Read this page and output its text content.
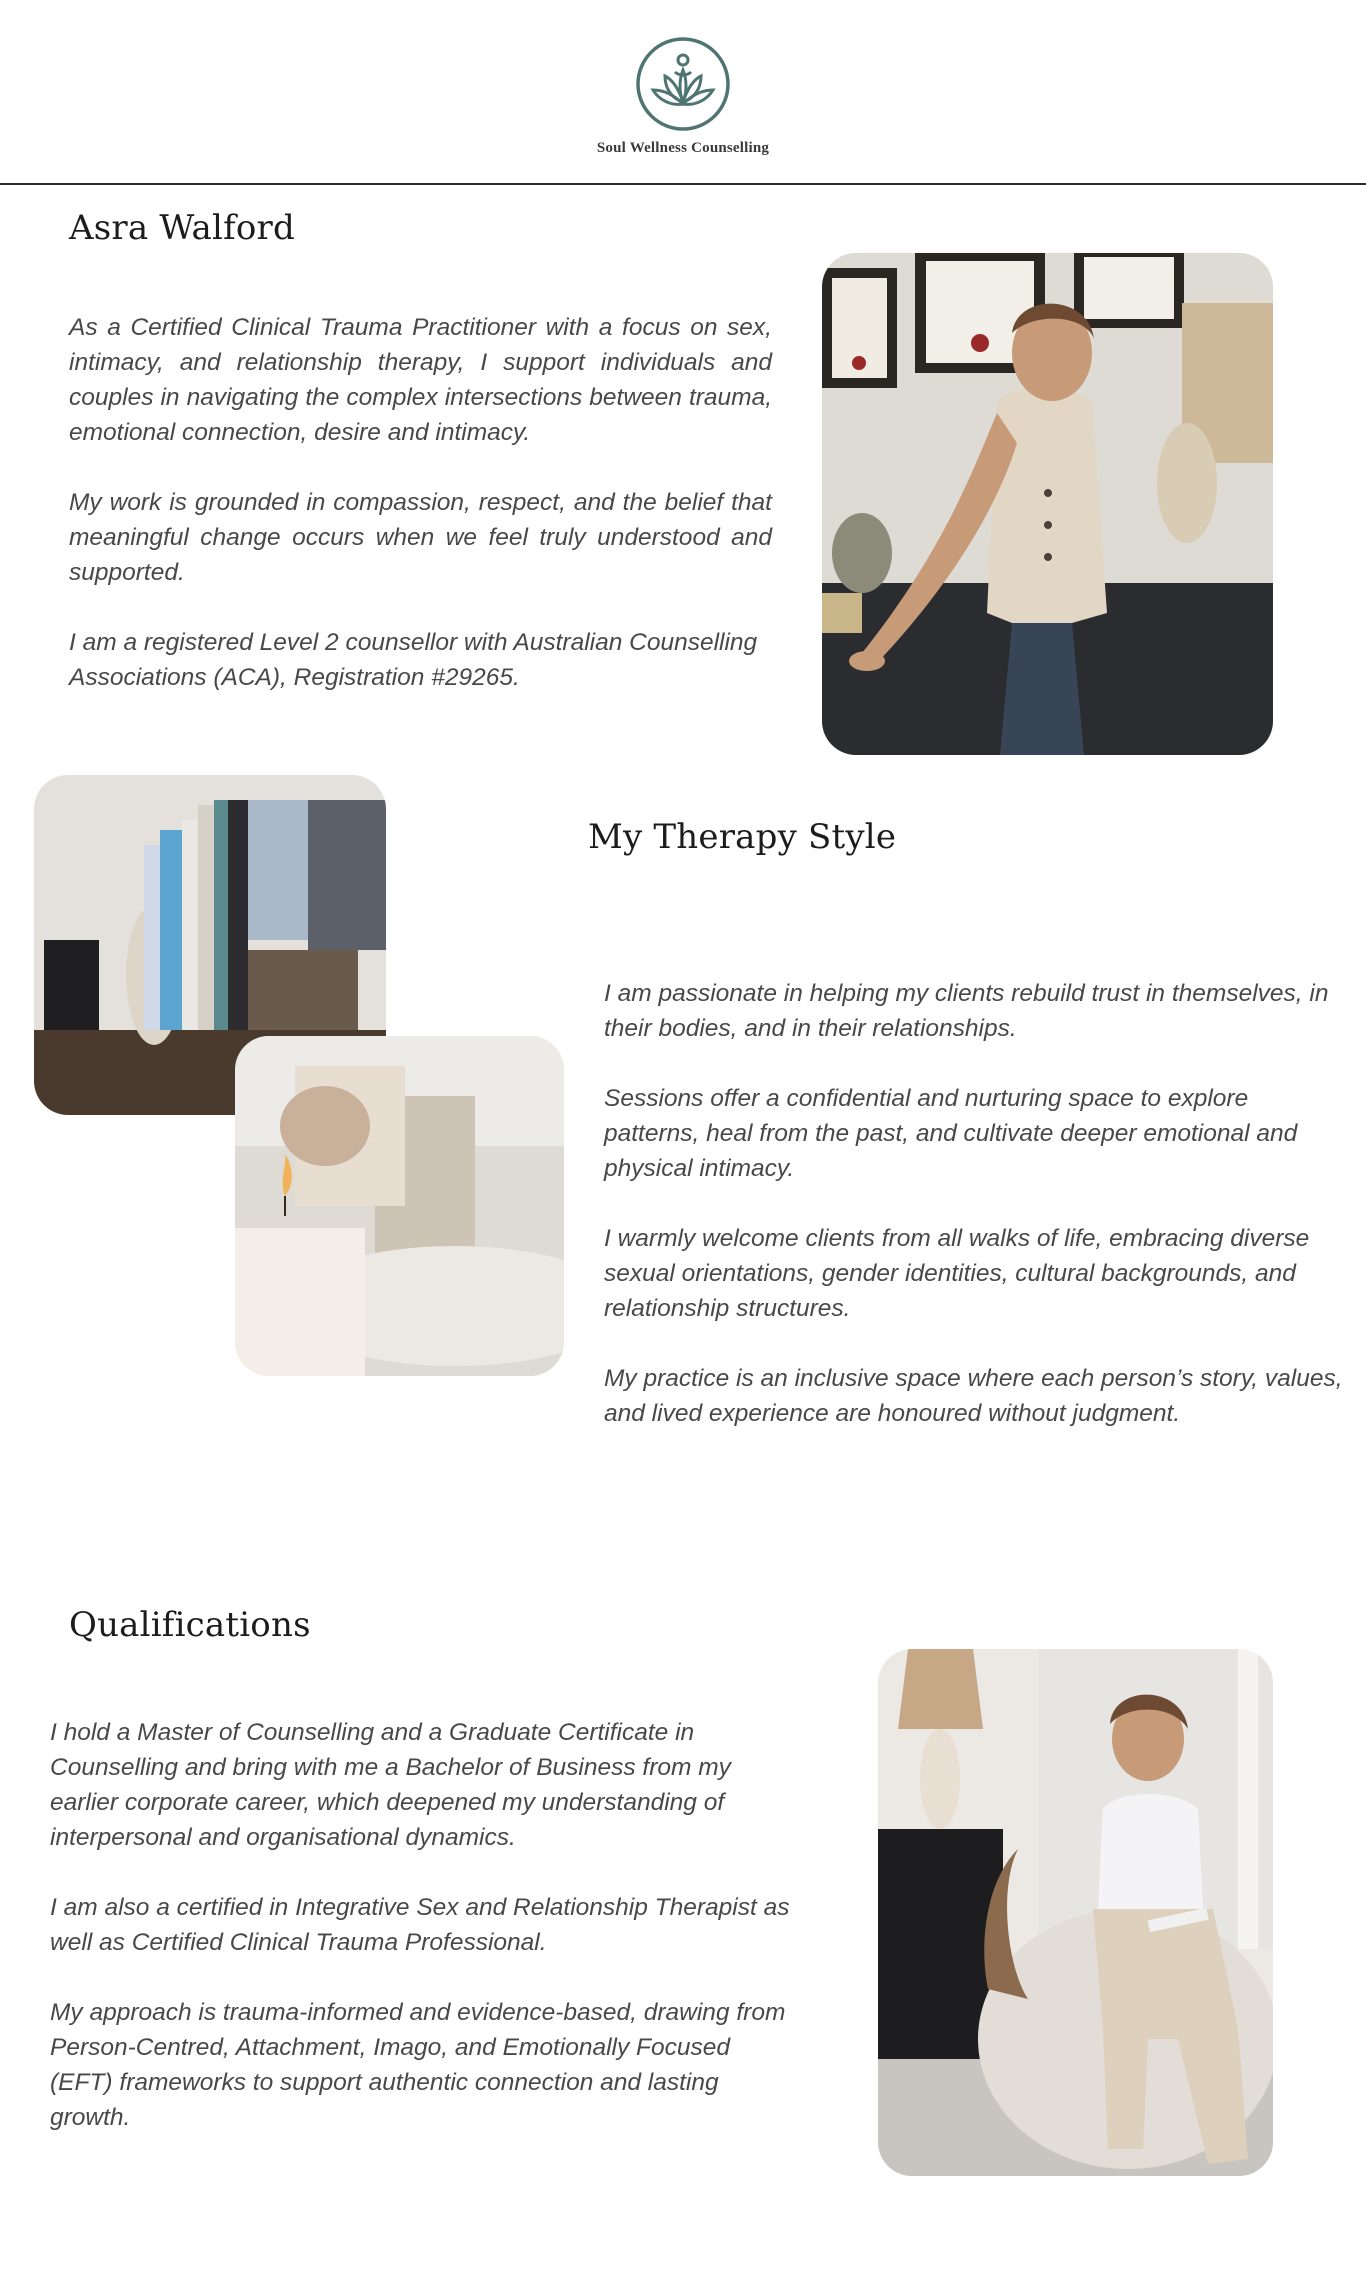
Soul Wellness Counselling
Asra Walford

As a Certified Clinical Trauma Practitioner with a focus on sex, intimacy, and relationship therapy, I support individuals and couples in navigating the complex intersections between trauma, emotional connection, desire and intimacy.

My work is grounded in compassion, respect, and the belief that meaningful change occurs when we feel truly understood and supported.

I am a registered Level 2 counsellor with Australian Counselling Associations (ACA), Registration #29265.

My Therapy Style

I am passionate in helping my clients rebuild trust in themselves, in their bodies, and in their relationships.

Sessions offer a confidential and nurturing space to explore patterns, heal from the past, and cultivate deeper emotional and physical intimacy.

I warmly welcome clients from all walks of life, embracing diverse sexual orientations, gender identities, cultural backgrounds, and relationship structures.

My practice is an inclusive space where each person’s story, values, and lived experience are honoured without judgment.

Qualifications

I hold a Master of Counselling and a Graduate Certificate in Counselling and bring with me a Bachelor of Business from my earlier corporate career, which deepened my understanding of interpersonal and organisational dynamics.

I am also a certified in Integrative Sex and Relationship Therapist as well as Certified Clinical Trauma Professional.

My approach is trauma-informed and evidence-based, drawing from Person-Centred, Attachment, Imago, and Emotionally Focused (EFT) frameworks to support authentic connection and lasting growth.
